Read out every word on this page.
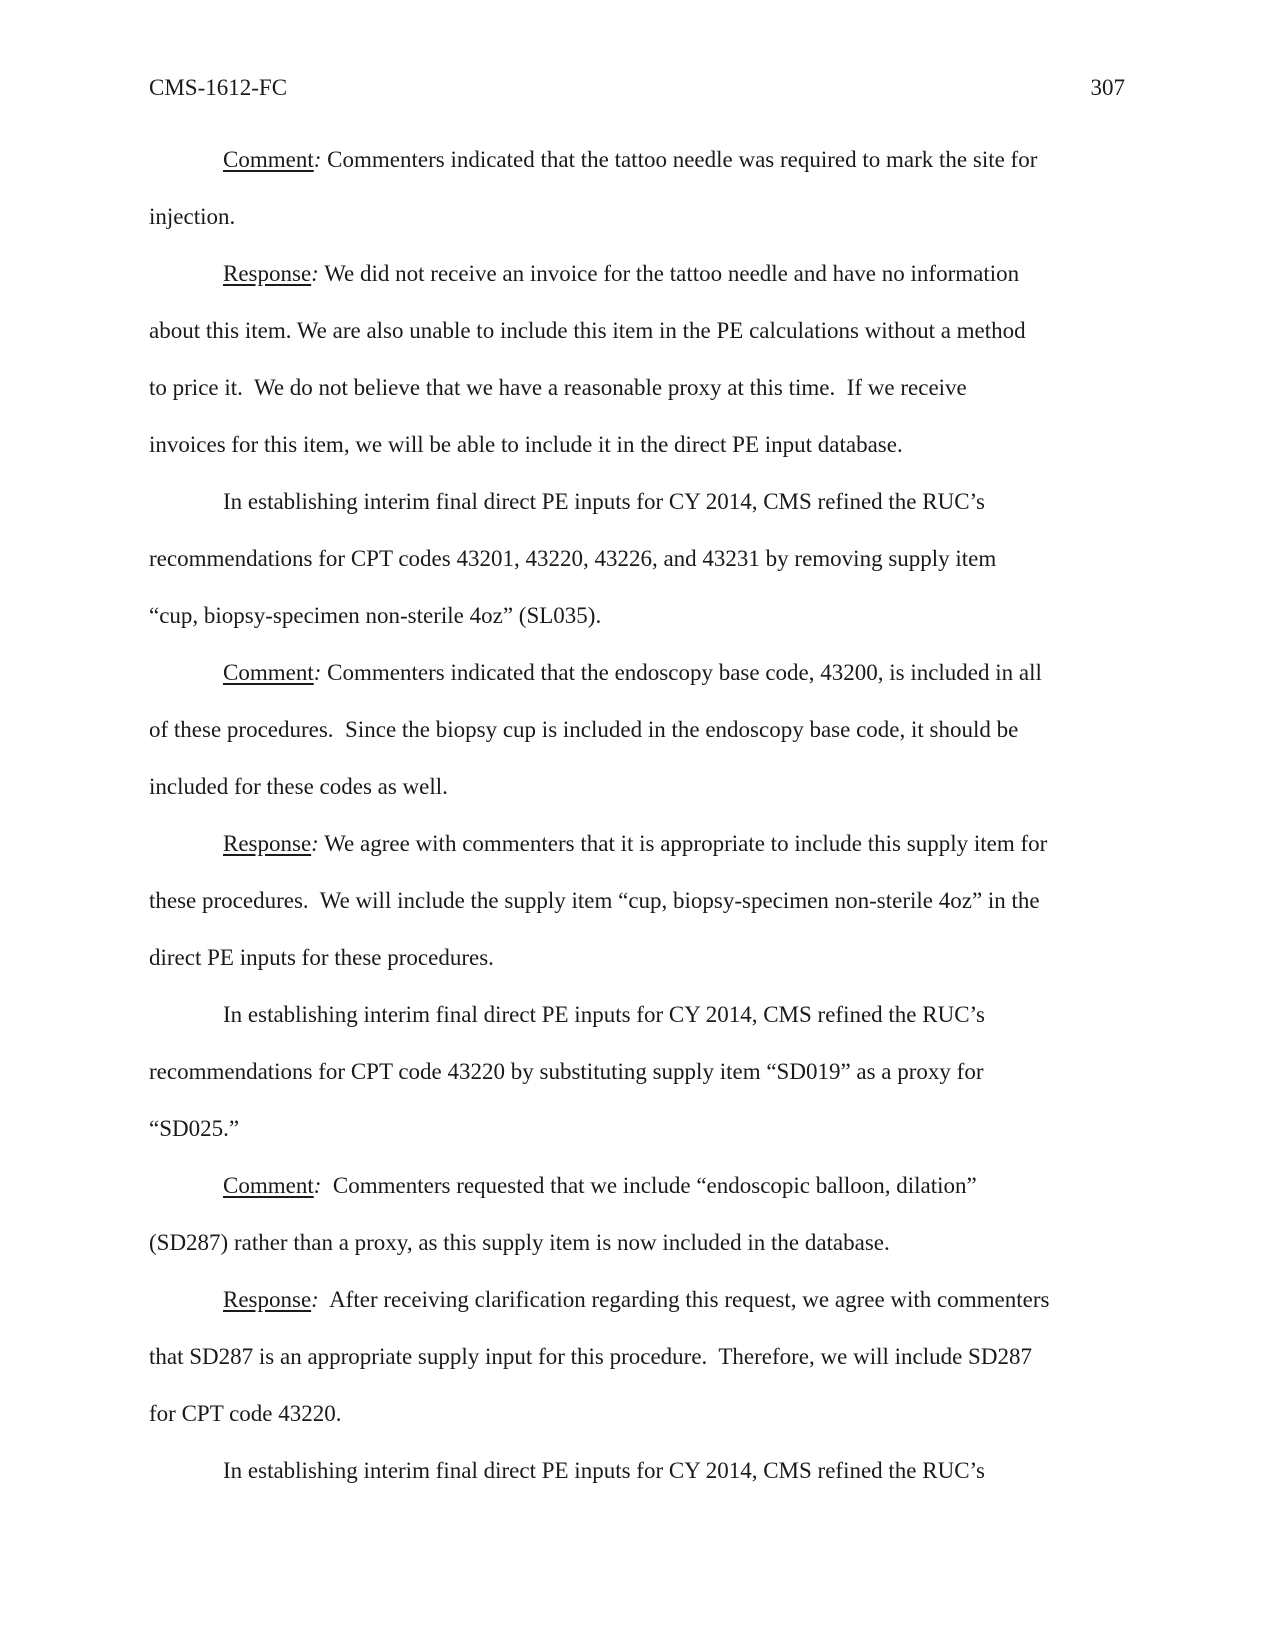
CMS-1612-FC	307
Comment: Commenters indicated that the tattoo needle was required to mark the site for
injection.
Response: We did not receive an invoice for the tattoo needle and have no information
about this item. We are also unable to include this item in the PE calculations without a method
to price it.  We do not believe that we have a reasonable proxy at this time.  If we receive
invoices for this item, we will be able to include it in the direct PE input database.
In establishing interim final direct PE inputs for CY 2014, CMS refined the RUC’s
recommendations for CPT codes 43201, 43220, 43226, and 43231 by removing supply item
“cup, biopsy-specimen non-sterile 4oz” (SL035).
Comment: Commenters indicated that the endoscopy base code, 43200, is included in all
of these procedures.  Since the biopsy cup is included in the endoscopy base code, it should be
included for these codes as well.
Response: We agree with commenters that it is appropriate to include this supply item for
these procedures.  We will include the supply item “cup, biopsy-specimen non-sterile 4oz” in the
direct PE inputs for these procedures.
In establishing interim final direct PE inputs for CY 2014, CMS refined the RUC’s
recommendations for CPT code 43220 by substituting supply item “SD019” as a proxy for
“SD025.”
Comment:  Commenters requested that we include “endoscopic balloon, dilation”
(SD287) rather than a proxy, as this supply item is now included in the database.
Response:  After receiving clarification regarding this request, we agree with commenters
that SD287 is an appropriate supply input for this procedure.  Therefore, we will include SD287
for CPT code 43220.
In establishing interim final direct PE inputs for CY 2014, CMS refined the RUC’s
